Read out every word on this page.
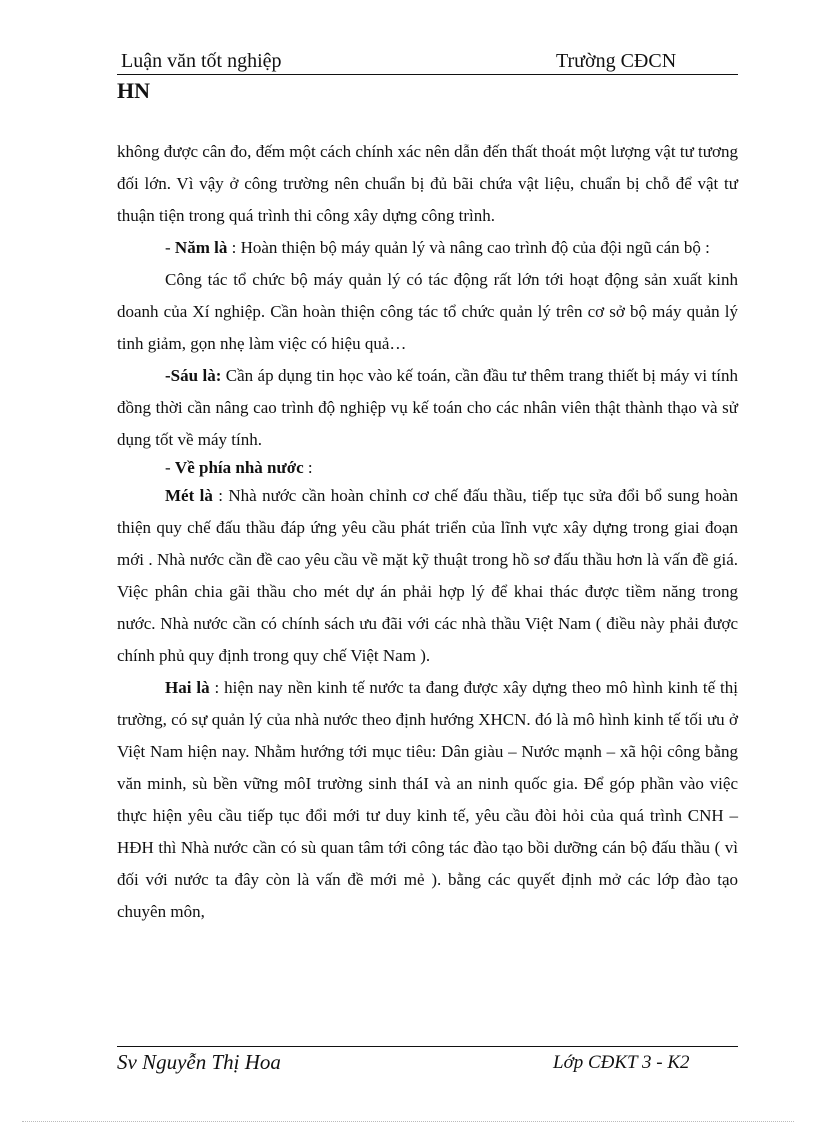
Luận văn tốt nghiệp	Trường CĐCN
HN

không được cân đo, đếm một cách chính xác nên dẫn đến thất thoát một lượng vật tư tương đối lớn. Vì vậy ở công trường nên chuẩn bị đủ bãi chứa vật liệu, chuẩn bị chỗ để vật tư thuận tiện trong quá trình thi công xây dựng công trình.

- Năm là : Hoàn thiện bộ máy quản lý và nâng cao trình độ của đội ngũ cán bộ :

Công tác tổ chức bộ máy quản lý có tác động rất lớn tới hoạt động sản xuất kinh doanh của Xí nghiệp. Cần hoàn thiện công tác tổ chức quản lý trên cơ sở bộ máy quản lý tinh giảm, gọn nhẹ làm việc có hiệu quả…

-Sáu là: Cần áp dụng tin học vào kế toán, cần đầu tư thêm trang thiết bị máy vi tính đồng thời cần nâng cao trình độ nghiệp vụ kế toán cho các nhân viên thật thành thạo và sử dụng tốt về máy tính.

- Về phía nhà nước :

Mét là : Nhà nước cần hoàn chỉnh cơ chế đấu thầu, tiếp tục sửa đổi bổ sung hoàn thiện quy chế đấu thầu đáp ứng yêu cầu phát triển của lĩnh vực xây dựng trong giai đoạn mới . Nhà nước cần đề cao yêu cầu về mặt kỹ thuật trong hồ sơ đấu thầu hơn là vấn đề giá. Việc phân chia gãi thầu cho mét dự án phải hợp lý để khai thác được tiềm năng trong nước. Nhà nước cần có chính sách ưu đãi với các nhà thầu Việt Nam ( điều này phải được chính phủ quy định trong quy chế Việt Nam ).

Hai là : hiện nay nền kinh tế nước ta đang được xây dựng theo mô hình kinh tế thị trường, có sự quản lý của nhà nước theo định hướng XHCN. đó là mô hình kinh tế tối ưu ở Việt Nam hiện nay. Nhằm hướng tới mục tiêu: Dân giàu – Nước mạnh – xã hội công bằng văn minh, sù bền vững môI trường sinh tháI và an ninh quốc gia. Để góp phần vào việc thực hiện yêu cầu tiếp tục đổi mới tư duy kinh tế, yêu cầu đòi hỏi của quá trình CNH – HĐH thì Nhà nước cần có sù quan tâm tới công tác đào tạo bồi dưỡng cán bộ đấu thầu ( vì đối với nước ta đây còn là vấn đề mới mẻ ). bằng các quyết định mở các lớp đào tạo chuyên môn,

Sv Nguyễn Thị Hoa	Lớp CĐKT 3 - K2
